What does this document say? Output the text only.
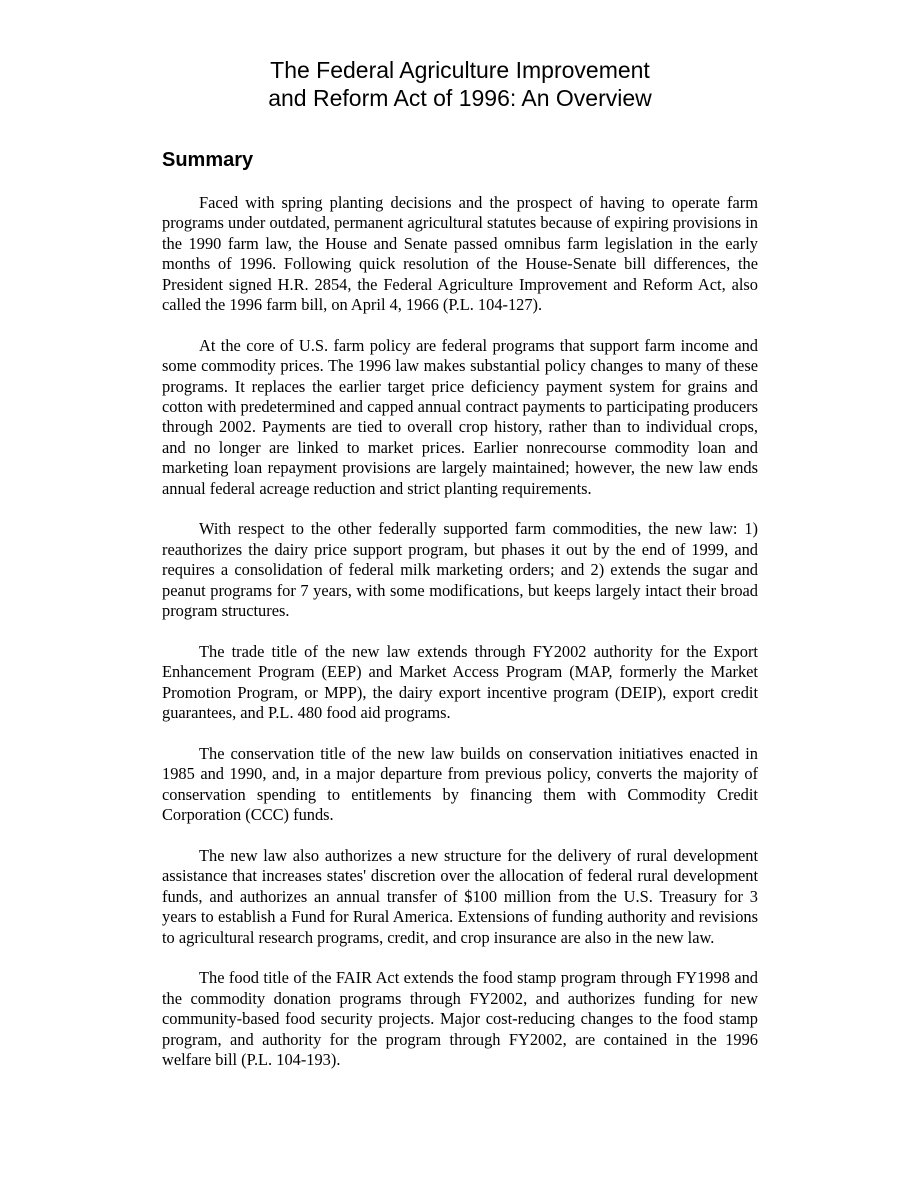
The Federal Agriculture Improvement
and Reform Act of 1996: An Overview
Summary

Faced with spring planting decisions and the prospect of having to operate farm programs under outdated, permanent agricultural statutes because of expiring provisions in the 1990 farm law, the House and Senate passed omnibus farm legislation in the early months of 1996. Following quick resolution of the House-Senate bill differences, the President signed H.R. 2854, the Federal Agriculture Improvement and Reform Act, also called the 1996 farm bill, on April 4, 1966 (P.L. 104-127).

At the core of U.S. farm policy are federal programs that support farm income and some commodity prices. The 1996 law makes substantial policy changes to many of these programs. It replaces the earlier target price deficiency payment system for grains and cotton with predetermined and capped annual contract payments to participating producers through 2002. Payments are tied to overall crop history, rather than to individual crops, and no longer are linked to market prices. Earlier nonrecourse commodity loan and marketing loan repayment provisions are largely maintained; however, the new law ends annual federal acreage reduction and strict planting requirements.

With respect to the other federally supported farm commodities, the new law: 1) reauthorizes the dairy price support program, but phases it out by the end of 1999, and requires a consolidation of federal milk marketing orders; and 2) extends the sugar and peanut programs for 7 years, with some modifications, but keeps largely intact their broad program structures.

The trade title of the new law extends through FY2002 authority for the Export Enhancement Program (EEP) and Market Access Program (MAP, formerly the Market Promotion Program, or MPP), the dairy export incentive program (DEIP), export credit guarantees, and P.L. 480 food aid programs.

The conservation title of the new law builds on conservation initiatives enacted in 1985 and 1990, and, in a major departure from previous policy, converts the majority of conservation spending to entitlements by financing them with Commodity Credit Corporation (CCC) funds.

The new law also authorizes a new structure for the delivery of rural development assistance that increases states' discretion over the allocation of federal rural development funds, and authorizes an annual transfer of $100 million from the U.S. Treasury for 3 years to establish a Fund for Rural America. Extensions of funding authority and revisions to agricultural research programs, credit, and crop insurance are also in the new law.

The food title of the FAIR Act extends the food stamp program through FY1998 and the commodity donation programs through FY2002, and authorizes funding for new community-based food security projects. Major cost-reducing changes to the food stamp program, and authority for the program through FY2002, are contained in the 1996 welfare bill (P.L. 104-193).
